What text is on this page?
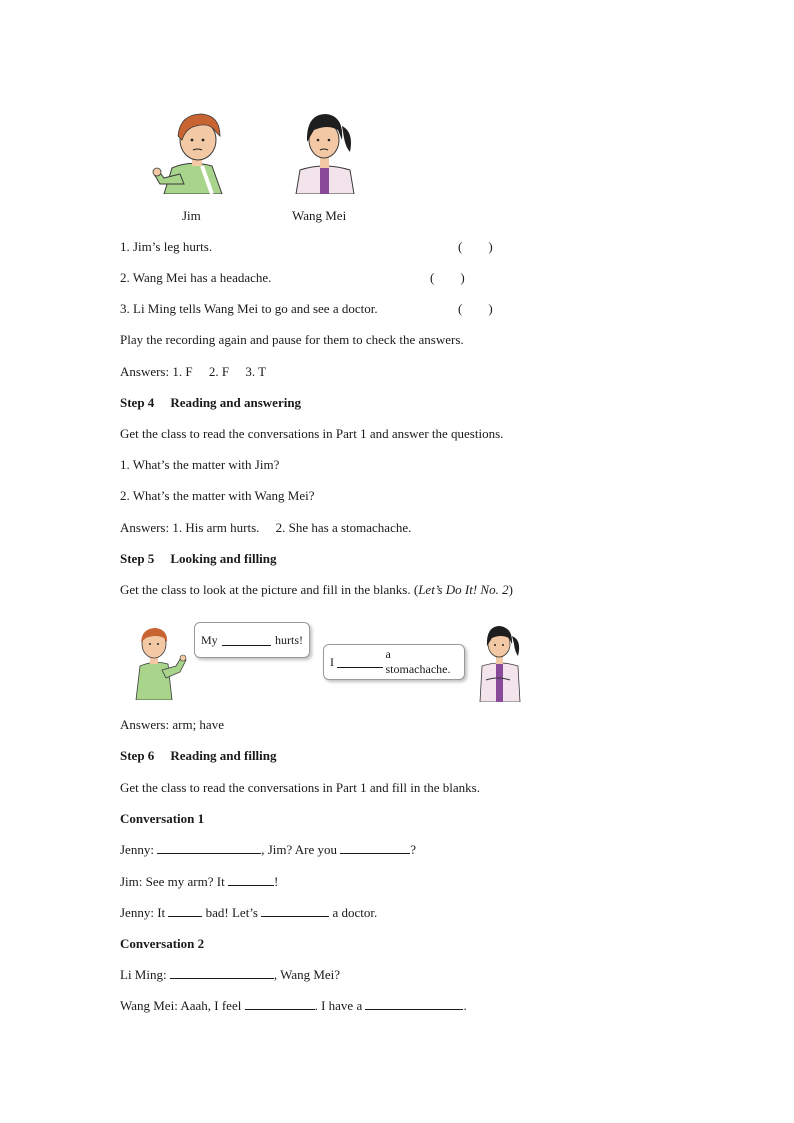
Jim	Wang Mei
1. Jim’s leg hurts.	(        )
2. Wang Mei has a headache.	(        )
3. Li Ming tells Wang Mei to go and see a doctor.	(        )
Play the recording again and pause for them to check the answers.
Answers: 1. F     2. F     3. T
Step 4 Reading and answering
Get the class to read the conversations in Part 1 and answer the questions.
1. What’s the matter with Jim?
2. What’s the matter with Wang Mei?
Answers: 1. His arm hurts.     2. She has a stomachache.
Step 5 Looking and filling
Get the class to look at the picture and fill in the blanks. (Let’s Do It! No. 2)
My	hurts!
I
a stomachache.
Answers: arm; have
Step 6 Reading and filling
Get the class to read the conversations in Part 1 and fill in the blanks.
Conversation 1
Jenny:	, Jim? Are you	?
Jim: See my arm? It	!
Jenny: It	bad! Let’s	a doctor.
Conversation 2
Li Ming:	, Wang Mei?
Wang Mei: Aaah, I feel	. I have a	.
